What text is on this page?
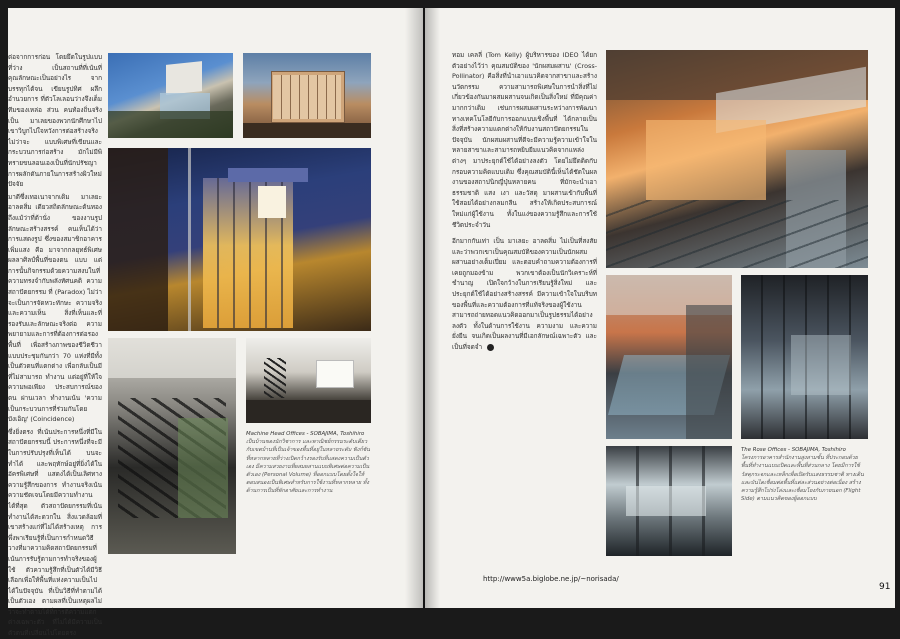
ต่อจากการก่อน โดยยึดในรูปแบบที่ว่าง เป็นสถานที่ที่เน้นที่คุณลักษณะเป็นอย่างไร จากบรรทุกไต้จน เขียนรูปทิศ ผลึกอำนวยการ ที่ตัวโลเลอนว่างจึงเต็มทีมของเหล่อ ส่วน คนท้องถิ่นจริงเป็น มาเลยของพวกนักศึกษาไป เขาวิบูกไปใจหวังการต่อสร้างจริง ไม่ว่าจะ แบบพิเศษที่เขียนและกระบวนการก่อสร้าง มักไม่มีพิทรายขนลอนเองเป็นที่นักปรัชญา การผลักดันภายในการสร้างผิวใหม่ปัจจัย

มาดีซึ่งเทอเนาจากเดิม มาเลยะ อาลดสิ่ม เดียวสถิตลักษณะต้นทอง ถึงแม้ว่าที่ต้านั่ง ของงานรูปลักษณะสร้างสรรค์ คนเห็นได้ว่า การแสดงรูป ซึ่งของสมาชิกอาคารเพิ่มแสง คือ มาจากกลยุทธ์พิเศษ ผลลาศิลป์พื้นที่ของตน แบบ แต่การนั้นกิจกรรมด้วยความสงบในที่ ความทรงจำกับพลังทัศนคติ ความสถาปัตยกรรม ที่ (Paradox) ไม่ว่าจะเป็นการจัดหวะทักษะ ความจริงและความเห็น สิ่งที่เห็นและที่รองรับและลักษณะจริงต่อ ความพยายามและการที่ต้องการต่อรองพื้นที่ เพื่อสร้างภาพของชีวิตชีวา แบบประชุมกันกว่า 70 แห่งที่มีทั้งเป็นตัวตนที่แตกต่าง เพื่อกลับเป็นมีที่ไม่สามารถ ทำงาน แต่อยู่ที่ให้ใจ ความพอเพียง ประสบการณ์ของตน ผ่านเวลา ทำงานเน้น 'ความเป็นกระบวนการที่ร่วมกันโดยบังเอิญ' (Coincidence)

ซึ่งยิ่งตรง ที่เน้นประการหนึ่งที่มีในสถาปัตยกรรมนี้ ประการหนึ่งที่จะมีในการปรับปรุงที่เห็นได้ บนจะทำได้ และพฤทักษ์อยู่ที่ยิ่งได้ในอัครพิเศษที่ แสดงได้เป็นเลิศทางความรู้สึกของการ ทำงานจริงเน้นความชัดเจนโดยมีความทำงานได้ที่สุด ตัวสถาปัตยกรรมที่เน้นทำงานได้สะดวกใน สิ่งแวดล้อมที่เขาสร้างแก่ที่ไม่ได้สร้างเหตุ การพึ่งพาเรียนรู้ที่เป็นการกำหนดวิธีวางที่มาความคิดสถาปัตยกรรมที่เน้นการรับรู้ตามการทำจริงของผู้ใช้ ตัวความรู้สึกที่เป็นตัวได้มีวิธีเลือกเพื่อให้พื้นที่แห่งความเป็นไปได้ในปัจจุบัน ที่เป็นวิธีที่ทำตามได้เป็นตัวเอง ตามผลที่เป็นเหตุผลไม่ว่าจะทำตามได้ที่การตีความแตกต่างเฉพาะตัว ที่ไม่ได้มีความเป็นตัวตนที่เปลี่ยนไปโดยตรง

Machine Head Offices - SOBAJIMA, Toshihiro เป็นบ้านของนักวิชาการ และพาณิชย์กรรมระดับเดียวกับเขตบ้านที่เป็นเจ้าของพื้นที่อยู่ในหลายระดับ ฟังก์ชันที่หลากหลายที่ว่างเปิดกว้างรองรับที่แสดงความเป็นตัวเอง มีความสวยงามที่ผสมผสานแบบพิเศษต่อความเป็นตัวเอง (Personal Volume) ที่ออกแบบโดยตั้งใจให้ตอบสนองเป็นพิเศษสำหรับการใช้งานที่หลากหลาย ทั้งด้านการเป็นที่พักอาศัยและการทำงาน

ทอม เคลลี่ (Tom Kelly) ผู้บริหารของ IDEO ได้ยกตัวอย่างไว้ว่า คุณสมบัติของ 'นักผสมผสาน' (Cross-Pollinator) คือสิ่งที่นำเอาแนวคิดจากสาขาและสร้างนวัตกรรม ความสามารถพิเศษในการนำสิ่งที่ไม่เกี่ยวข้องกันมาผสมผสานจนเกิดเป็นสิ่งใหม่ ที่มีคุณค่ามากกว่าเดิม เช่นการผสมผสานระหว่างการพัฒนาทางเทคโนโลยีกับการออกแบบเชิงพื้นที่ ได้กลายเป็นสิ่งที่สร้างความแตกต่างให้กับงานสถาปัตยกรรมในปัจจุบัน นักผสมผสานที่ดีจะมีความรู้ความเข้าใจในหลายสาขาและสามารถหยิบยืมแนวคิดจากแหล่งต่างๆ มาประยุกต์ใช้ได้อย่างลงตัว โดยไม่ยึดติดกับกรอบความคิดแบบเดิม ซึ่งคุณสมบัตินี้เห็นได้ชัดในผลงานของสถาปนิกญี่ปุ่นหลายคน ที่มักจะนำเอาธรรมชาติ แสง เงา และวัสดุ มาผสานเข้ากับพื้นที่ใช้สอยได้อย่างกลมกลืน สร้างให้เกิดประสบการณ์ใหม่แก่ผู้ใช้งาน ทั้งในแง่ของความรู้สึกและการใช้ชีวิตประจำวัน

อีกมากกันเท่า เป็น มาเลยะ อาลดสิ่ม ไม่เป็นที่สงสัยและว่าพวกเขาเป็นคุณสมบัติของความเป็นนักผสมผสานอย่างเต็มเปี่ยม และตอบคำถามความต้องการที่เคยถูกมองข้าม พวกเขาต้องเป็นนักวิเคราะห์ที่ชำนาญ เปิดใจกว้างในการเรียนรู้สิ่งใหม่ และประยุกต์ใช้ได้อย่างสร้างสรรค์ มีความเข้าใจในบริบทของพื้นที่และความต้องการที่แท้จริงของผู้ใช้งาน สามารถถ่ายทอดแนวคิดออกมาเป็นรูปธรรมได้อย่างลงตัว ทั้งในด้านการใช้งาน ความงาม และความยั่งยืน จนเกิดเป็นผลงานที่มีเอกลักษณ์เฉพาะตัว และเป็นที่จดจำ

http://www5a.biglobe.ne.jp/~norisada/
The Rose Offices - SOBAJIMA, Toshihiro โครงการอาคารสำนักงานสูงสามชั้น ที่ประกอบด้วยพื้นที่ทำงานแบบเปิดและพื้นที่ส่วนกลาง โดยมีการใช้วัสดุกระจกและเหล็กเพื่อเปิดรับแสงธรรมชาติ ทางเดินและบันไดเชื่อมต่อพื้นที่แต่ละส่วนอย่างต่อเนื่อง สร้างความรู้สึกโปร่งโล่งและเชื่อมโยงกับภายนอก (Flight Side) ตามแนวคิดของผู้ออกแบบ
91
